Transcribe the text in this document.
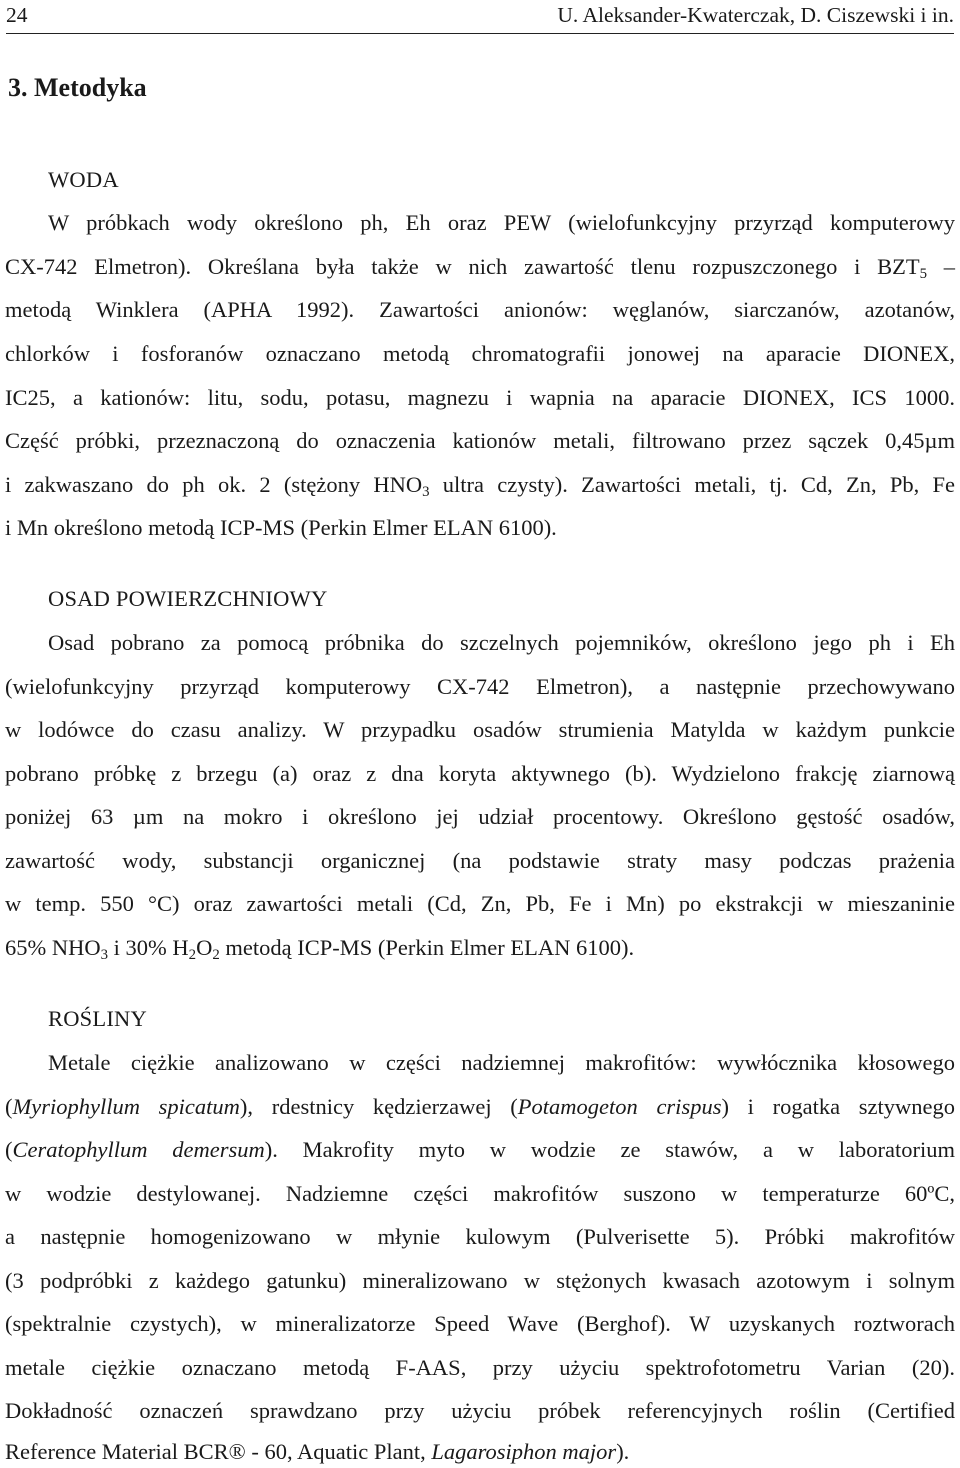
24	U. Aleksander-Kwaterczak, D. Ciszewski i in.
3. Metodyka
WODA
W próbkach wody określono ph, Eh oraz PEW (wielofunkcyjny przyrząd komputerowy
CX-742 Elmetron). Określana była także w nich zawartość tlenu rozpuszczonego i $BZT_5$ –
metodą Winklera (APHA 1992). Zawartości anionów: węglanów, siarczanów, azotanów,
chlorków i fosforanów oznaczano metodą chromatografii jonowej na aparacie DIONEX,
IC25, a kationów: litu, sodu, potasu, magnezu i wapnia na aparacie DIONEX, ICS 1000.
Część próbki, przeznaczoną do oznaczenia kationów metali, filtrowano przez sączek 0,45µm
i zakwaszano do ph ok. 2 (stężony $HNO_3$ ultra czysty). Zawartości metali, tj. Cd, Zn, Pb, Fe
i Mn określono metodą ICP-MS (Perkin Elmer ELAN 6100).
OSAD POWIERZCHNIOWY
Osad pobrano za pomocą próbnika do szczelnych pojemników, określono jego ph i Eh
(wielofunkcyjny przyrząd komputerowy CX-742 Elmetron), a następnie przechowywano
w lodówce do czasu analizy. W przypadku osadów strumienia Matylda w każdym punkcie
pobrano próbkę z brzegu (a) oraz z dna koryta aktywnego (b). Wydzielono frakcję ziarnową
poniżej 63 µm na mokro i określono jej udział procentowy. Określono gęstość osadów,
zawartość wody, substancji organicznej (na podstawie straty masy podczas prażenia
w temp. 550 °C) oraz zawartości metali (Cd, Zn, Pb, Fe i Mn) po ekstrakcji w mieszaninie
65% $NHO_3$ i 30% $H_2O_2$ metodą ICP-MS (Perkin Elmer ELAN 6100).
ROŚLINY
Metale ciężkie analizowano w części nadziemnej makrofitów: wywłócznika kłosowego
(Myriophyllum spicatum), rdestnicy kędzierzawej (Potamogeton crispus) i rogatka sztywnego
(Ceratophyllum demersum). Makrofity myto w wodzie ze stawów, a w laboratorium
w wodzie destylowanej. Nadziemne części makrofitów suszono w temperaturze 60ºC,
a następnie homogenizowano w młynie kulowym (Pulverisette 5). Próbki makrofitów
(3 podpróbki z każdego gatunku) mineralizowano w stężonych kwasach azotowym i solnym
(spektralnie czystych), w mineralizatorze Speed Wave (Berghof). W uzyskanych roztworach
metale ciężkie oznaczano metodą F-AAS, przy użyciu spektrofotometru Varian (20).
Dokładność oznaczeń sprawdzano przy użyciu próbek referencyjnych roślin (Certified
Reference Material BCR® - 60, Aquatic Plant, Lagarosiphon major).
